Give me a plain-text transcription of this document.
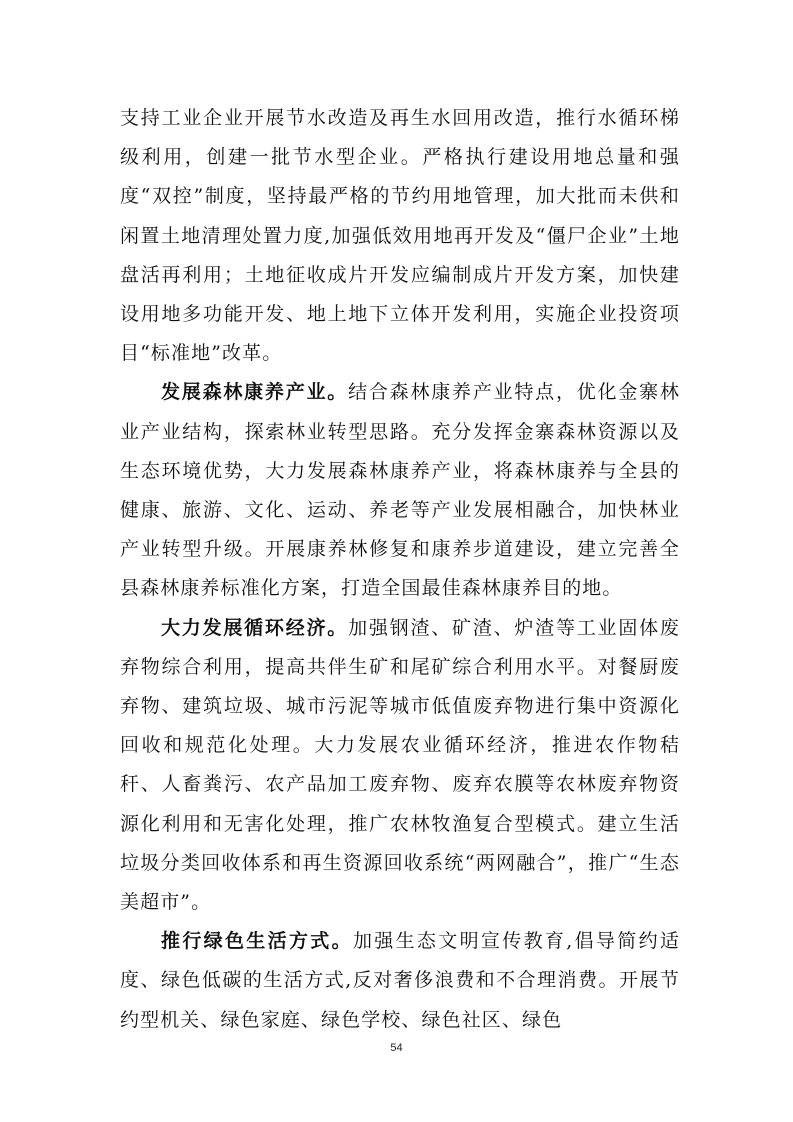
支持工业企业开展节水改造及再生水回用改造，推行水循环梯级利用，创建一批节水型企业。严格执行建设用地总量和强度“双控”制度，坚持最严格的节约用地管理，加大批而未供和闲置土地清理处置力度,加强低效用地再开发及“僵尸企业”土地盘活再利用；土地征收成片开发应编制成片开发方案，加快建设用地多功能开发、地上地下立体开发利用，实施企业投资项目“标准地”改革。

发展森林康养产业。结合森林康养产业特点，优化金寨林业产业结构，探索林业转型思路。充分发挥金寨森林资源以及生态环境优势，大力发展森林康养产业，将森林康养与全县的健康、旅游、文化、运动、养老等产业发展相融合，加快林业产业转型升级。开展康养林修复和康养步道建设，建立完善全县森林康养标准化方案，打造全国最佳森林康养目的地。

大力发展循环经济。加强钢渣、矿渣、炉渣等工业固体废弃物综合利用，提高共伴生矿和尾矿综合利用水平。对餐厨废弃物、建筑垃圾、城市污泥等城市低值废弃物进行集中资源化回收和规范化处理。大力发展农业循环经济，推进农作物秸秆、人畜粪污、农产品加工废弃物、废弃农膜等农林废弃物资源化利用和无害化处理，推广农林牧渔复合型模式。建立生活垃圾分类回收体系和再生资源回收系统“两网融合”，推广“生态美超市”。

推行绿色生活方式。加强生态文明宣传教育,倡导简约适度、绿色低碳的生活方式,反对奢侈浪费和不合理消费。开展节约型机关、绿色家庭、绿色学校、绿色社区、绿色

54
